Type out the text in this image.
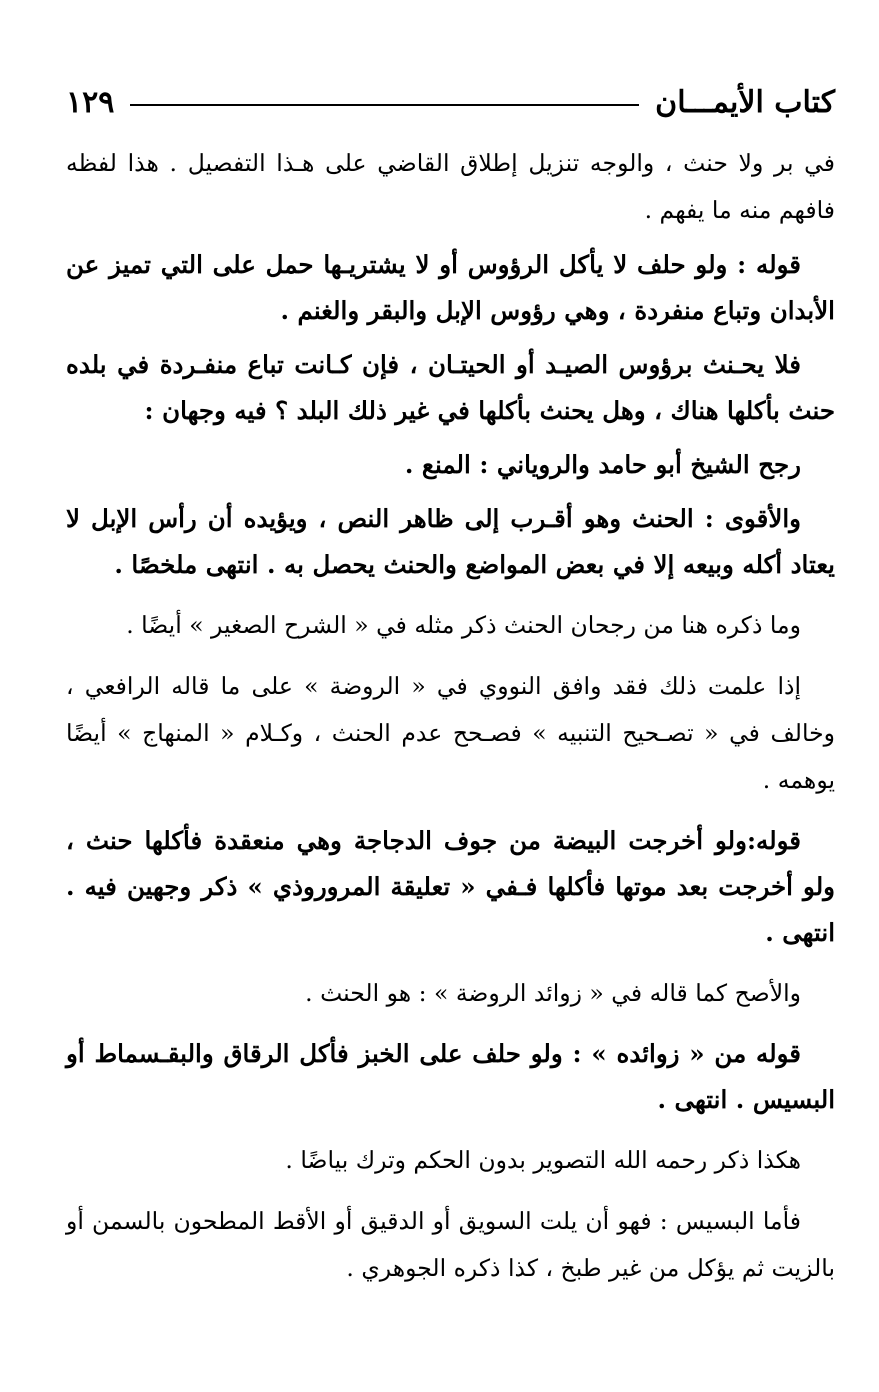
كتاب الأيمـــان
١٢٩

في بر ولا حنث ، والوجه تنزيل إطلاق القاضي على هـذا التفصيل . هذا لفظه فافهم منه ما يفهم .

قوله : ولو حلف لا يأكل الرؤوس أو لا يشتريـها حمل على التي تميز عن الأبدان وتباع منفردة ، وهي رؤوس الإبل والبقر والغنم .

فلا يحـنث برؤوس الصيـد أو الحيتـان ، فإن كـانت تباع منفـردة في بلده حنث بأكلها هناك ، وهل يحنث بأكلها في غير ذلك البلد ؟ فيه وجهان :

رجح الشيخ أبو حامد والروياني : المنع .

والأقوى : الحنث وهو أقـرب إلى ظاهر النص ، ويؤيده أن رأس الإبل لا يعتاد أكله وبيعه إلا في بعض المواضع والحنث يحصل به . انتهى ملخصًا .

وما ذكره هنا من رجحان الحنث ذكر مثله في « الشرح الصغير » أيضًا .

إذا علمت ذلك فقد وافق النووي في « الروضة » على ما قاله الرافعي ، وخالف في « تصـحيح التنبيه » فصـحح عدم الحنث ، وكـلام « المنهاج » أيضًا يوهمه .

قوله:ولو أخرجت البيضة من جوف الدجاجة وهي منعقدة فأكلها حنث ، ولو أخرجت بعد موتها فأكلها فـفي « تعليقة المروروذي » ذكر وجهين فيه . انتهى .

والأصح كما قاله في « زوائد الروضة » : هو الحنث .

قوله من « زوائده » : ولو حلف على الخبز فأكل الرقاق والبقـسماط أو البسيس . انتهى .

هكذا ذكر رحمه الله التصوير بدون الحكم وترك بياضًا .

فأما البسيس : فهو أن يلت السويق أو الدقيق أو الأقط المطحون بالسمن أو بالزيت ثم يؤكل من غير طبخ ، كذا ذكره الجوهري .
